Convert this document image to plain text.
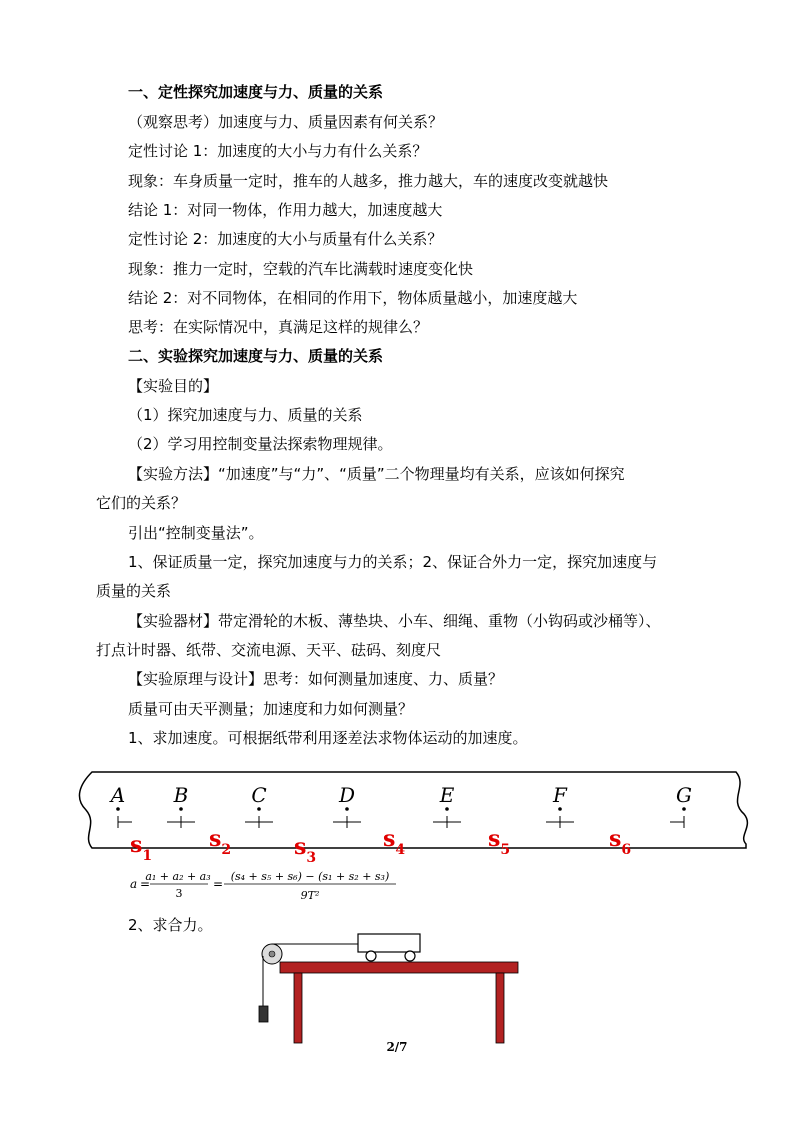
一、定性探究加速度与力、质量的关系
（观察思考）加速度与力、质量因素有何关系？
定性讨论 1：加速度的大小与力有什么关系？
现象：车身质量一定时，推车的人越多，推力越大，车的速度改变就越快
结论 1：对同一物体，作用力越大，加速度越大
定性讨论 2：加速度的大小与质量有什么关系？
现象：推力一定时，空载的汽车比满载时速度变化快
结论 2：对不同物体，在相同的作用下，物体质量越小，加速度越大
思考：在实际情况中，真满足这样的规律么？
二、实验探究加速度与力、质量的关系
【实验目的】
（1）探究加速度与力、质量的关系
（2）学习用控制变量法探索物理规律。
【实验方法】“加速度”与“力”、“质量”二个物理量均有关系，应该如何探究
它们的关系？
引出“控制变量法”。
1、保证质量一定，探究加速度与力的关系；2、保证合外力一定，探究加速度与
质量的关系
【实验器材】带定滑轮的木板、薄垫块、小车、细绳、重物（小钩码或沙桶等）、
打点计时器、纸带、交流电源、天平、砝码、刻度尺
【实验原理与设计】思考：如何测量加速度、力、质量？
质量可由天平测量；加速度和力如何测量？
1、求加速度。可根据纸带利用逐差法求物体运动的加速度。
A B	C	D	E	F	G
$s_1$
$s_2$	$s_3$
$s_4$	$s_5$	$s_6$
a =
a₁ + a₂ + a₃
3
=
(s₄ + s₅ + s₆) − (s₁ + s₂ + s₃)
9T²
2、求合力。
2/7
